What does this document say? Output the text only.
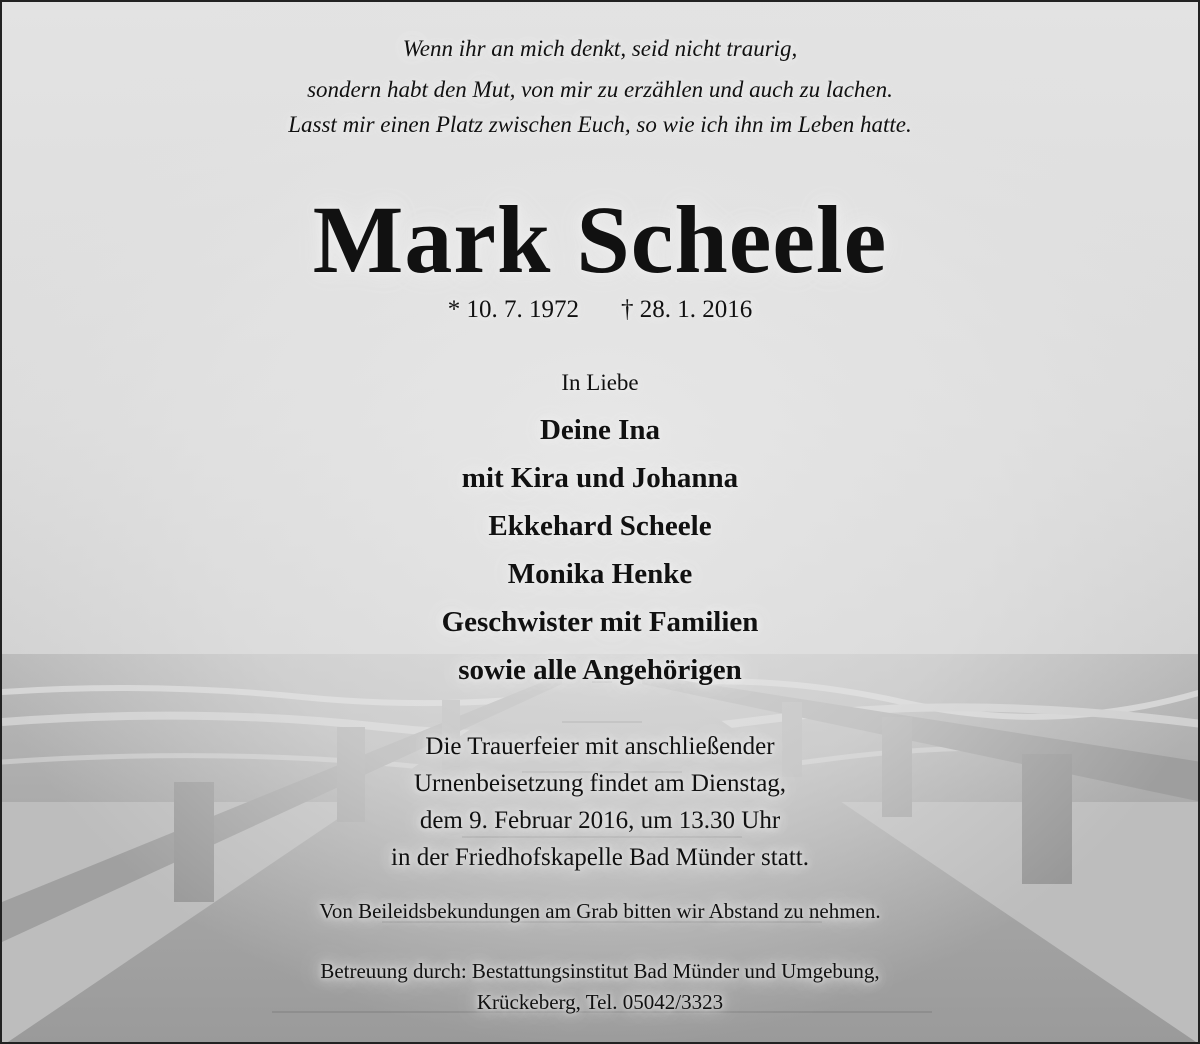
Wenn ihr an mich denkt, seid nicht traurig,
sondern habt den Mut, von mir zu erzählen und auch zu lachen.
Lasst mir einen Platz zwischen Euch, so wie ich ihn im Leben hatte.
Mark Scheele
* 10. 7. 1972 † 28. 1. 2016
In Liebe
Deine Ina
mit Kira und Johanna
Ekkehard Scheele
Monika Henke
Geschwister mit Familien
sowie alle Angehörigen
Die Trauerfeier mit anschließender
Urnenbeisetzung findet am Dienstag,
dem 9. Februar 2016, um 13.30 Uhr
in der Friedhofskapelle Bad Münder statt.
Von Beileidsbekundungen am Grab bitten wir Abstand zu nehmen.
Betreuung durch: Bestattungsinstitut Bad Münder und Umgebung,
Krückeberg, Tel. 05042/3323
